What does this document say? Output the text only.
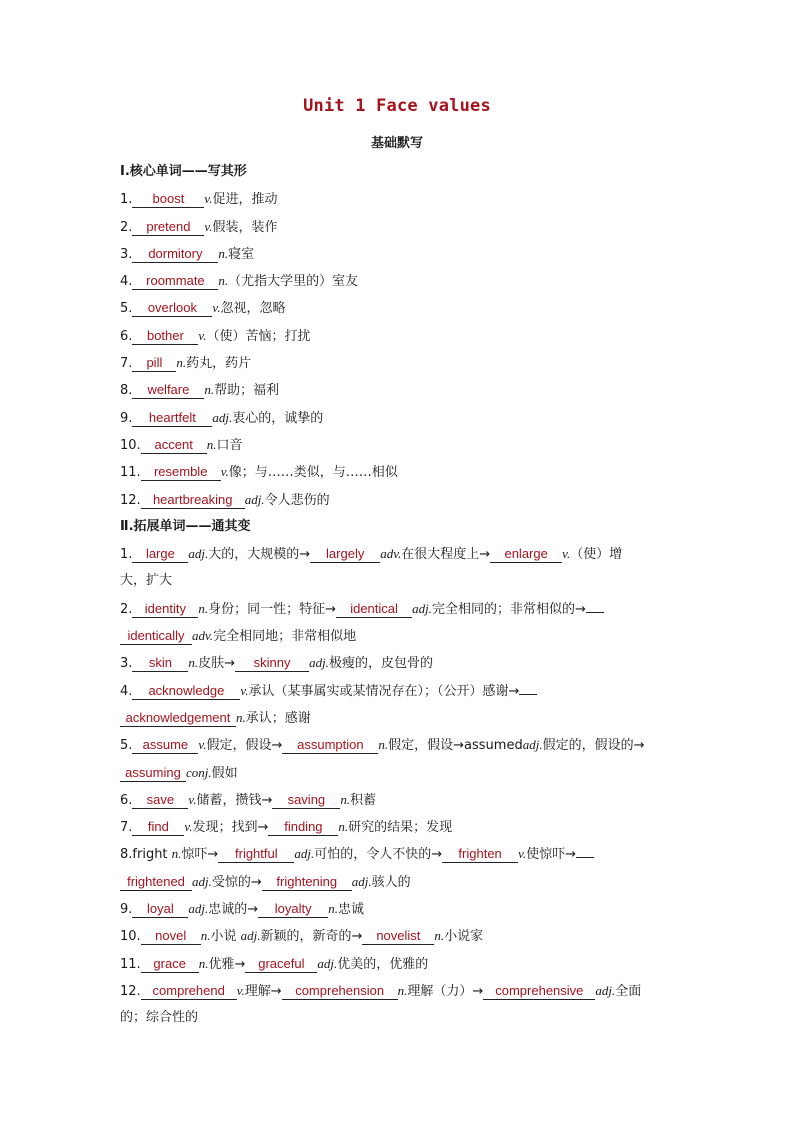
Unit 1 Face values
基础默写
Ⅰ.核心单词——写其形
1. boost v.促进，推动
2. pretend v.假装，装作
3. dormitory n.寝室
4. roommate n.（尤指大学里的）室友
5. overlook v.忽视，忽略
6. bother v.（使）苦恼；打扰
7. pill n.药丸，药片
8. welfare n.帮助；福利
9. heartfelt adj.衷心的，诚挚的
10. accent n.口音
11. resemble v.像；与……类似，与……相似
12. heartbreaking adj.令人悲伤的
Ⅱ.拓展单词——通其变
1. large adj.大的，大规模的→ largely adv.在很大程度上→ enlarge v.（使）增
大，扩大
2. identity n.身份；同一性；特征→ identical adj.完全相同的；非常相似的→
identically adv.完全相同地；非常相似地
3. skin n.皮肤→ skinny adj.极瘦的，皮包骨的
4. acknowledge v.承认（某事属实或某情况存在）；（公开）感谢→
acknowledgement n.承认；感谢
5. assume v.假定，假设→ assumption n.假定，假设→assumedadj.假定的，假设的→
assuming conj.假如
6. save v.储蓄，攒钱→ saving n.积蓄
7. find v.发现；找到→ finding n.研究的结果；发现
8.fright n.惊吓→ frightful adj.可怕的，令人不快的→ frighten v.使惊吓→
frightened adj.受惊的→ frightening adj.骇人的
9. loyal adj.忠诚的→ loyalty n.忠诚
10. novel n.小说 adj.新颖的，新奇的→ novelist n.小说家
11. grace n.优雅→ graceful adj.优美的，优雅的
12. comprehend v.理解→ comprehension n.理解（力）→ comprehensive adj.全面
的；综合性的
